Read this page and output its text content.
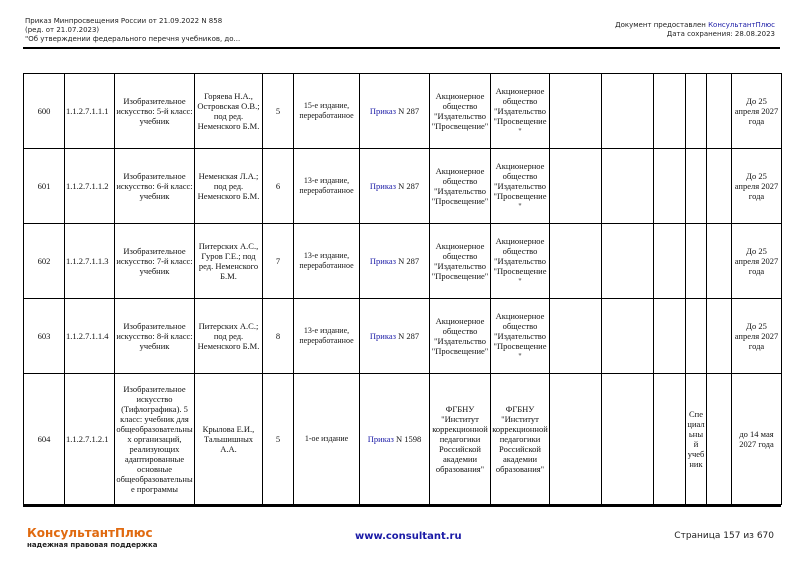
Приказ Минпросвещения России от 21.09.2022 N 858
(ред. от 21.07.2023)
"Об утверждении федерального перечня учебников, до...
Документ предоставлен КонсультантПлюс
Дата сохранения: 28.08.2023
600	1.1.2.7.1.1.1	Изобразительное искусство: 5-й класс: учебник	Горяева Н.А., Островская О.В.; под ред. Неменского Б.М.	5	15-е издание, переработанное	Приказ N 287	Акционерное общество "Издательство "Просвещение"	Акционерное общество "Издательство "Просвещение"						До 25 апреля 2027 года
601	1.1.2.7.1.1.2	Изобразительное искусство: 6-й класс: учебник	Неменская Л.А.; под ред. Неменского Б.М.	6	13-е издание, переработанное	Приказ N 287	Акционерное общество "Издательство "Просвещение"	Акционерное общество "Издательство "Просвещение"						До 25 апреля 2027 года
602	1.1.2.7.1.1.3	Изобразительное искусство: 7-й класс: учебник	Питерских А.С., Гуров Г.Е.; под ред. Неменского Б.М.	7	13-е издание, переработанное	Приказ N 287	Акционерное общество "Издательство "Просвещение"	Акционерное общество "Издательство "Просвещение"						До 25 апреля 2027 года
603	1.1.2.7.1.1.4	Изобразительное искусство: 8-й класс: учебник	Питерских А.С.; под ред. Неменского Б.М.	8	13-е издание, переработанное	Приказ N 287	Акционерное общество "Издательство "Просвещение"	Акционерное общество "Издательство "Просвещение"						До 25 апреля 2027 года
604	1.1.2.7.1.2.1	Изобразительное искусство (Тифлографика). 5 класс: учебник для общеобразовательных организаций, реализующих адаптированные основные общеобразовательные программы	Крылова Е.И., Тальшишных А.А.	5	1-ое издание	Приказ N 1598	ФГБНУ "Институт коррекционной педагогики Российской академии образования"	ФГБНУ "Институт коррекционной педагогики Российской академии образования"				Специальный учебник		до 14 мая 2027 года
КонсультантПлюс
надежная правовая поддержка
www.consultant.ru	Страница 157 из 670
